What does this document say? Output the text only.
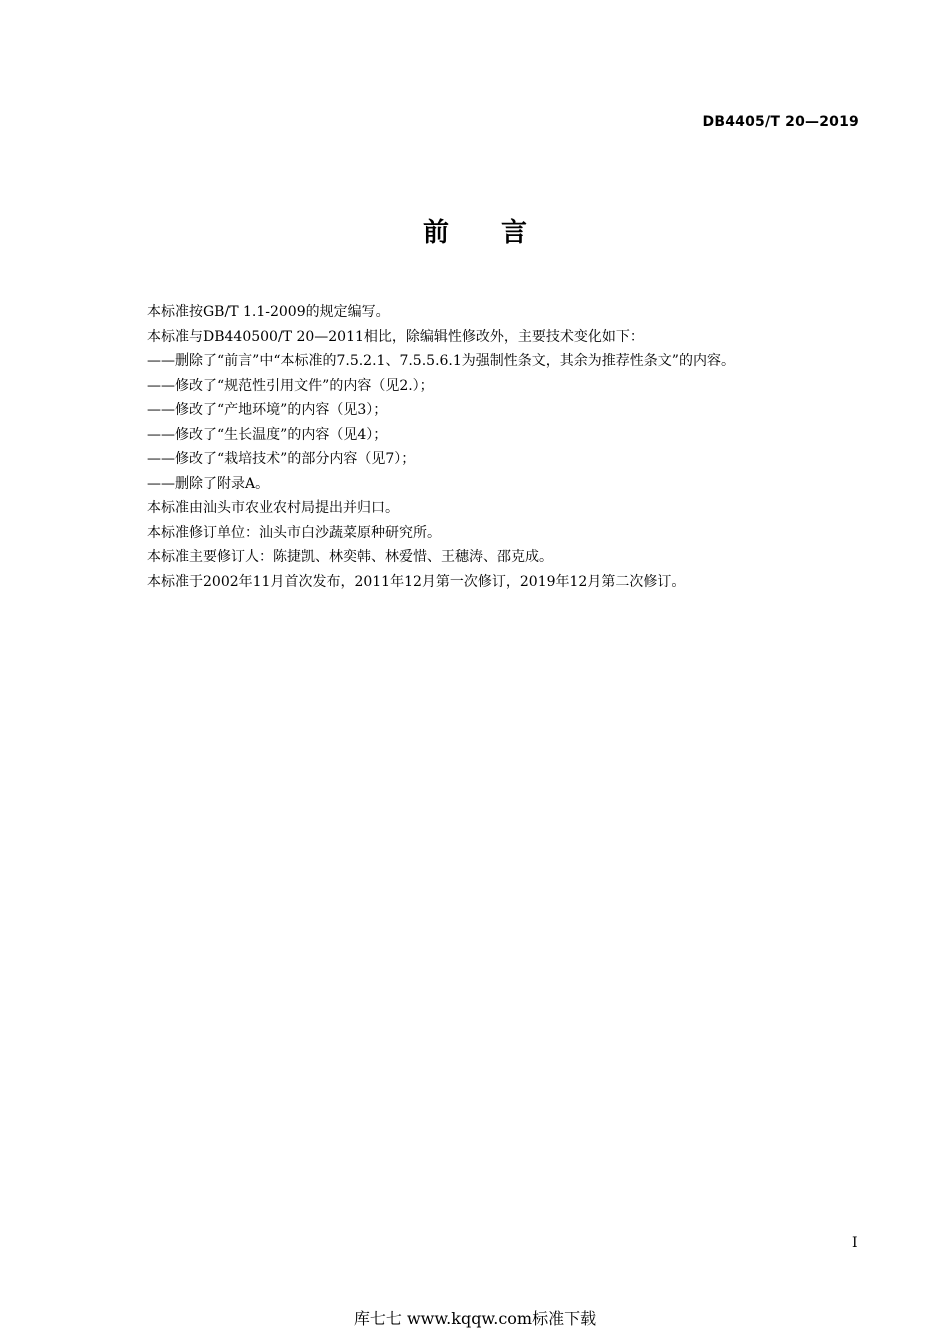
DB4405/T 20—2019
前 言

本标准按GB/T 1.1-2009的规定编写。

本标准与DB440500/T 20—2011相比，除编辑性修改外，主要技术变化如下：

——删除了“前言”中“本标准的7.5.2.1、7.5.5.6.1为强制性条文，其余为推荐性条文”的内容。

——修改了“规范性引用文件”的内容（见2.）；

——修改了“产地环境”的内容（见3）；

——修改了“生长温度”的内容（见4）；

——修改了“栽培技术”的部分内容（见7）；

——删除了附录A。

本标准由汕头市农业农村局提出并归口。

本标准修订单位：汕头市白沙蔬菜原种研究所。

本标准主要修订人：陈捷凯、林奕韩、林爱惜、王穗涛、邵克成。

本标准于2002年11月首次发布，2011年12月第一次修订，2019年12月第二次修订。

I
库七七 www.kqqw.com标准下载
